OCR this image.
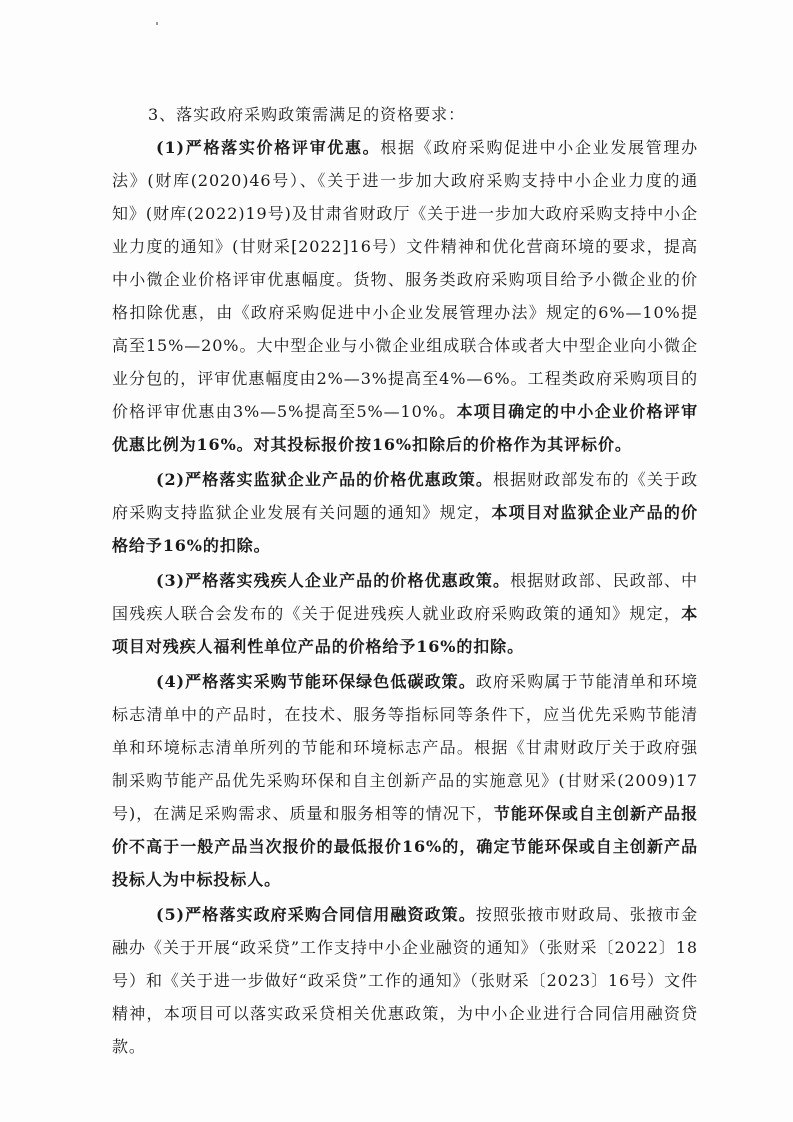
3、落实政府采购政策需满足的资格要求：

(1)严格落实价格评审优惠。根据《政府采购促进中小企业发展管理办法》(财库(2020)46号）、《关于进一步加大政府采购支持中小企业力度的通知》(财库(2022)19号)及甘肃省财政厅《关于进一步加大政府采购支持中小企业力度的通知》(甘财采[2022]16号）文件精神和优化营商环境的要求，提高中小微企业价格评审优惠幅度。货物、服务类政府采购项目给予小微企业的价格扣除优惠，由《政府采购促进中小企业发展管理办法》规定的6%—10%提高至15%—20%。大中型企业与小微企业组成联合体或者大中型企业向小微企业分包的，评审优惠幅度由2%—3%提高至4%—6%。工程类政府采购项目的价格评审优惠由3%—5%提高至5%—10%。本项目确定的中小企业价格评审优惠比例为16%。对其投标报价按16%扣除后的价格作为其评标价。

(2)严格落实监狱企业产品的价格优惠政策。根据财政部发布的《关于政府采购支持监狱企业发展有关问题的通知》规定，本项目对监狱企业产品的价格给予16%的扣除。

(3)严格落实残疾人企业产品的价格优惠政策。根据财政部、民政部、中国残疾人联合会发布的《关于促进残疾人就业政府采购政策的通知》规定，本项目对残疾人福利性单位产品的价格给予16%的扣除。

(4)严格落实采购节能环保绿色低碳政策。政府采购属于节能清单和环境标志清单中的产品时，在技术、服务等指标同等条件下，应当优先采购节能清单和环境标志清单所列的节能和环境标志产品。根据《甘肃财政厅关于政府强制采购节能产品优先采购环保和自主创新产品的实施意见》(甘财采(2009)17号)，在满足采购需求、质量和服务相等的情况下，节能环保或自主创新产品报价不高于一般产品当次报价的最低报价16%的，确定节能环保或自主创新产品投标人为中标投标人。

(5)严格落实政府采购合同信用融资政策。按照张掖市财政局、张掖市金融办《关于开展“政采贷”工作支持中小企业融资的通知》（张财采〔2022〕18号）和《关于进一步做好“政采贷”工作的通知》（张财采〔2023〕16号）文件精神，本项目可以落实政采贷相关优惠政策，为中小企业进行合同信用融资贷款。
